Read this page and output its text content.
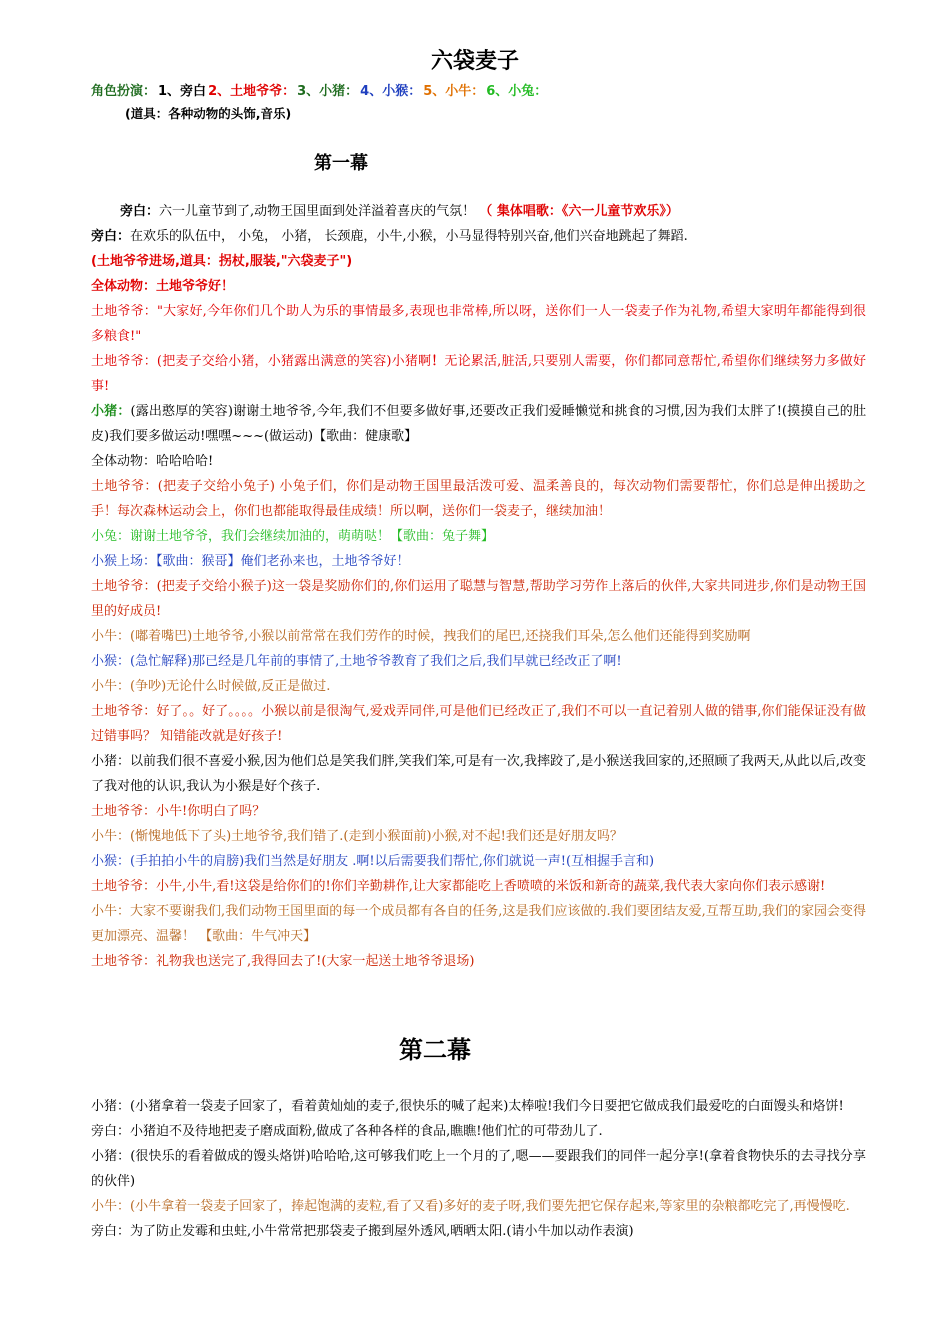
六袋麦子
角色扮演： 1、旁白 2、土地爷爷： 3、小猪： 4、小猴： 5、小牛： 6、小兔：
(道具：各种动物的头饰,音乐)
第一幕

旁白：六一儿童节到了,动物王国里面到处洋溢着喜庆的气氛！ （ 集体唱歌：《六一儿童节欢乐》）

旁白：在欢乐的队伍中， 小兔， 小猪， 长颈鹿，小牛,小猴，小马显得特别兴奋,他们兴奋地跳起了舞蹈.

(土地爷爷进场,道具：拐杖,服装,"六袋麦子")

全体动物：土地爷爷好！

土地爷爷："大家好,今年你们几个助人为乐的事情最多,表现也非常棒,所以呀，送你们一人一袋麦子作为礼物,希望大家明年都能得到很多粮食!"

土地爷爷：(把麦子交给小猪，小猪露出满意的笑容)小猪啊！无论累活,脏活,只要别人需要，你们都同意帮忙,希望你们继续努力多做好事!

小猪：(露出憨厚的笑容)谢谢土地爷爷,今年,我们不但要多做好事,还要改正我们爱睡懒觉和挑食的习惯,因为我们太胖了!(摸摸自己的肚皮)我们要多做运动!嘿嘿~~~(做运动)【歌曲：健康歌】

全体动物：哈哈哈哈!

土地爷爷：(把麦子交给小兔子) 小兔子们，你们是动物王国里最活泼可爱、温柔善良的，每次动物们需要帮忙，你们总是伸出援助之手！每次森林运动会上，你们也都能取得最佳成绩！所以啊，送你们一袋麦子，继续加油！

小兔：谢谢土地爷爷，我们会继续加油的，萌萌哒！【歌曲：兔子舞】

小猴上场：【歌曲：猴哥】俺们老孙来也，土地爷爷好！

土地爷爷：(把麦子交给小猴子)这一袋是奖励你们的,你们运用了聪慧与智慧,帮助学习劳作上落后的伙伴,大家共同进步,你们是动物王国里的好成员!

小牛：(嘟着嘴巴)土地爷爷,小猴以前常常在我们劳作的时候，拽我们的尾巴,还挠我们耳朵,怎么他们还能得到奖励啊

小猴：(急忙解释)那已经是几年前的事情了,土地爷爷教育了我们之后,我们早就已经改正了啊!

小牛：(争吵)无论什么时候做,反正是做过.

土地爷爷：好了。。好了。。。。小猴以前是很淘气,爱戏弄同伴,可是他们已经改正了,我们不可以一直记着别人做的错事,你们能保证没有做过错事吗？ 知错能改就是好孩子!

小猪：以前我们很不喜爱小猴,因为他们总是笑我们胖,笑我们笨,可是有一次,我摔跤了,是小猴送我回家的,还照顾了我两天,从此以后,改变了我对他的认识,我认为小猴是好个孩子.

土地爷爷：小牛!你明白了吗？

小牛：(惭愧地低下了头)土地爷爷,我们错了.(走到小猴面前)小猴,对不起!我们还是好朋友吗？

小猴：(手拍拍小牛的肩膀)我们当然是好朋友 .啊!以后需要我们帮忙,你们就说一声!(互相握手言和)

土地爷爷：小牛,小牛,看!这袋是给你们的!你们辛勤耕作,让大家都能吃上香喷喷的米饭和新奇的蔬菜,我代表大家向你们表示感谢!

小牛：大家不要谢我们,我们动物王国里面的每一个成员都有各自的任务,这是我们应该做的.我们要团结友爱,互帮互助,我们的家园会变得更加漂亮、温馨！ 【歌曲：牛气冲天】

土地爷爷：礼物我也送完了,我得回去了!(大家一起送土地爷爷退场)

第二幕

小猪：(小猪拿着一袋麦子回家了，看着黄灿灿的麦子,很快乐的喊了起来)太棒啦!我们今日要把它做成我们最爱吃的白面馒头和烙饼!

旁白：小猪迫不及待地把麦子磨成面粉,做成了各种各样的食品,瞧瞧!他们忙的可带劲儿了.

小猪：(很快乐的看着做成的馒头烙饼)哈哈哈,这可够我们吃上一个月的了,嗯——要跟我们的同伴一起分享!(拿着食物快乐的去寻找分享的伙伴)

小牛：(小牛拿着一袋麦子回家了，捧起饱满的麦粒,看了又看)多好的麦子呀,我们要先把它保存起来,等家里的杂粮都吃完了,再慢慢吃.

旁白：为了防止发霉和虫蛀,小牛常常把那袋麦子搬到屋外透风,晒晒太阳.(请小牛加以动作表演)
